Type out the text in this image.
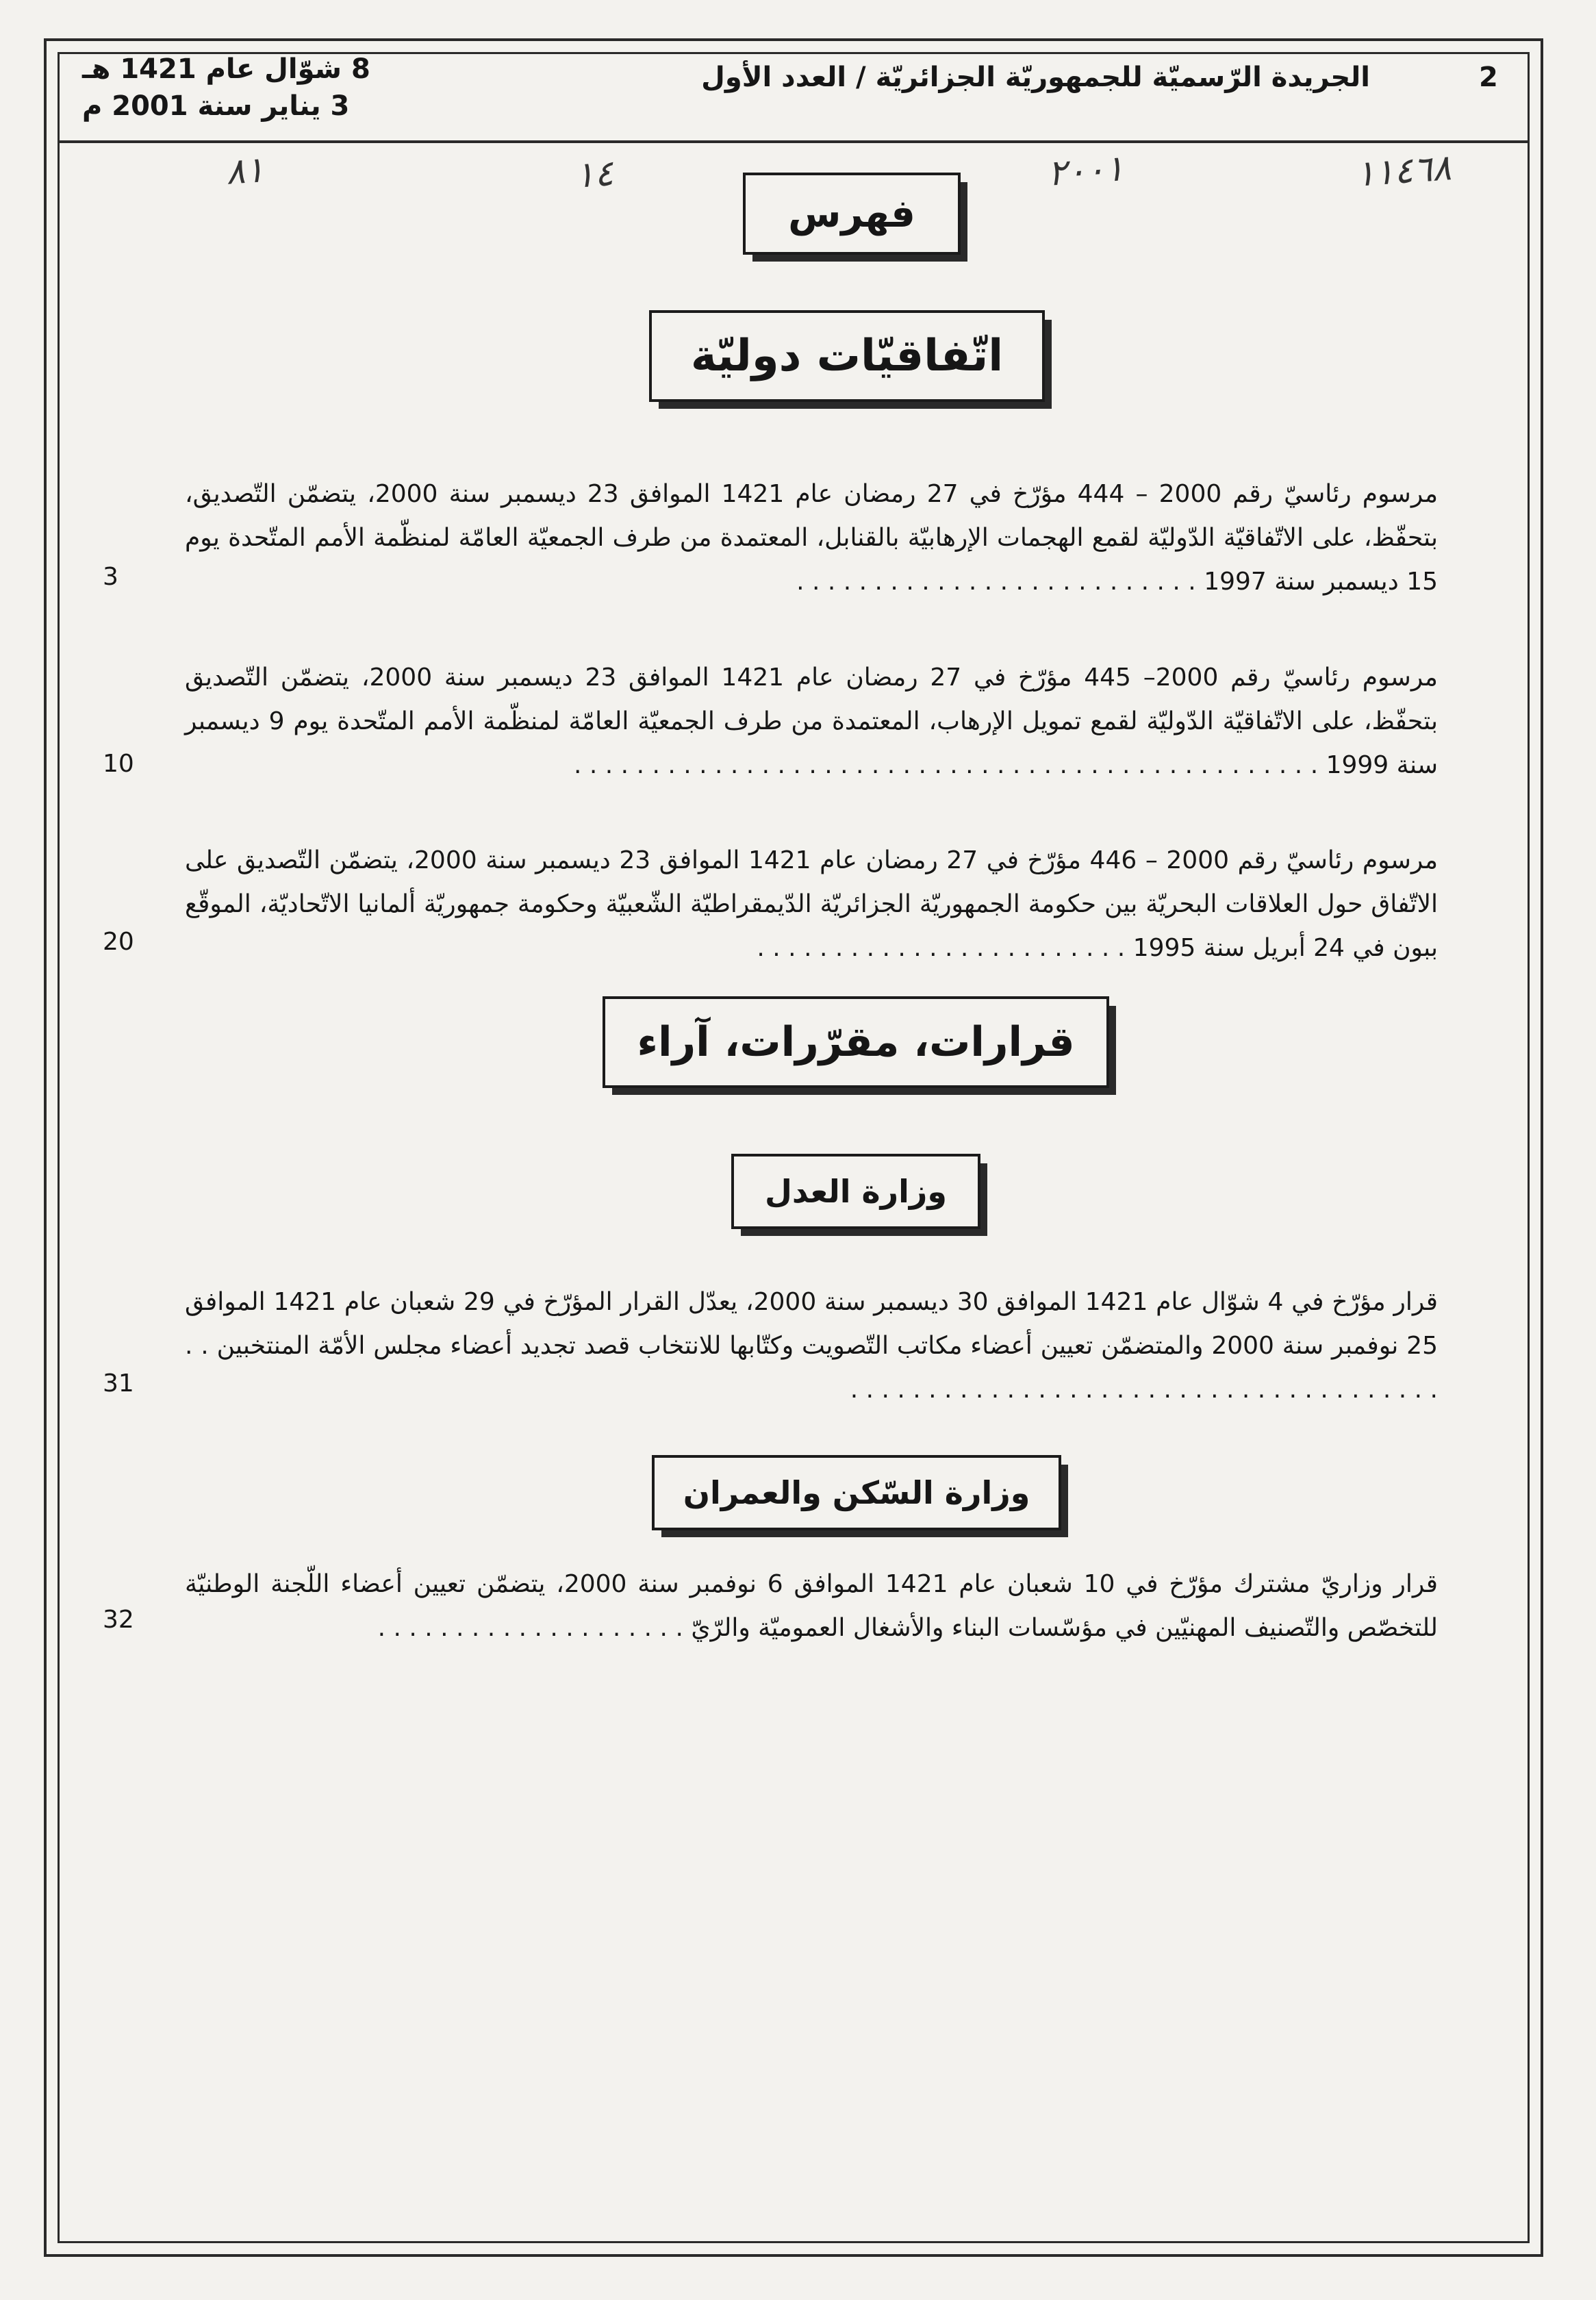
2
الجريدة الرّسميّة للجمهوريّة الجزائريّة / العدد الأول
8 شوّال عام 1421 هـ
3 يناير سنة 2001 م
٨١	١٤	٢٠٠١	١١٤٦٨
فهرس
اتّفاقيّات دوليّة
مرسوم رئاسيّ رقم 2000 – 444 مؤرّخ في 27 رمضان عام 1421 الموافق 23 ديسمبر سنة 2000، يتضمّن التّصديق، بتحفّظ، على الاتّفاقيّة الدّوليّة لقمع الهجمات الإرهابيّة بالقنابل، المعتمدة من طرف الجمعيّة العامّة لمنظّمة الأمم المتّحدة يوم 15 ديسمبر سنة 1997 . . . . . . . . . . . . . . . . . . . . . . . . . .
3
مرسوم رئاسيّ رقم 2000– 445 مؤرّخ في 27 رمضان عام 1421 الموافق 23 ديسمبر سنة 2000، يتضمّن التّصديق بتحفّظ، على الاتّفاقيّة الدّوليّة لقمع تمويل الإرهاب، المعتمدة من طرف الجمعيّة العامّة لمنظّمة الأمم المتّحدة يوم 9 ديسمبر سنة 1999 . . . . . . . . . . . . . . . . . . . . . . . . . . . . . . . . . . . . . . . . . . . . . . . .
10
مرسوم رئاسيّ رقم 2000 – 446 مؤرّخ في 27 رمضان عام 1421 الموافق 23 ديسمبر سنة 2000، يتضمّن التّصديق على الاتّفاق حول العلاقات البحريّة بين حكومة الجمهوريّة الجزائريّة الدّيمقراطيّة الشّعبيّة وحكومة جمهوريّة ألمانيا الاتّحاديّة، الموقّع ببون في 24 أبريل سنة 1995 . . . . . . . . . . . . . . . . . . . . . . . .
20
قرارات، مقرّرات، آراء
وزارة العدل
قرار مؤرّخ في 4 شوّال عام 1421 الموافق 30 ديسمبر سنة 2000، يعدّل القرار المؤرّخ في 29 شعبان عام 1421 الموافق 25 نوفمبر سنة 2000 والمتضمّن تعيين أعضاء مكاتب التّصويت وكتّابها للانتخاب قصد تجديد أعضاء مجلس الأمّة المنتخبين . . . . . . . . . . . . . . . . . . . . . . . . . . . . . . . . . . . . . . . .
31
وزارة السّكن والعمران
قرار وزاريّ مشترك مؤرّخ في 10 شعبان عام 1421 الموافق 6 نوفمبر سنة 2000، يتضمّن تعيين أعضاء اللّجنة الوطنيّة للتخصّص والتّصنيف المهنيّين في مؤسّسات البناء والأشغال العموميّة والرّيّ . . . . . . . . . . . . . . . . . . . .
32
